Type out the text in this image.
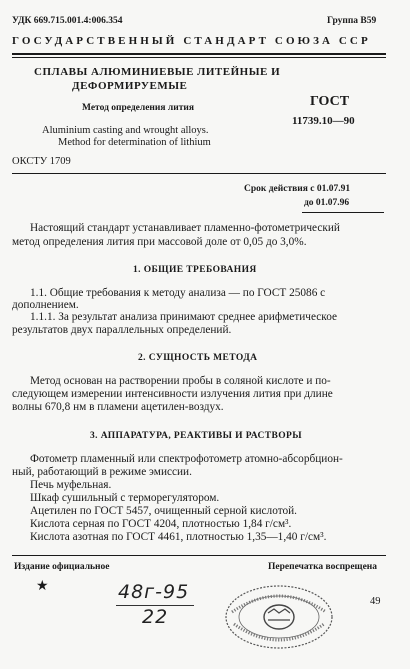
УДК 669.715.001.4:006.354	Группа В59
ГОСУДАРСТВЕННЫЙ СТАНДАРТ СОЮЗА ССР
СПЛАВЫ АЛЮМИНИЕВЫЕ ЛИТЕЙНЫЕ И
ДЕФОРМИРУЕМЫЕ
Метод определения лития
Aluminium casting and wrought alloys.
Method for determination of lithium
ГОСТ
11739.10—90
ОКСТУ 1709
Срок действия с 01.07.91
до 01.07.96
Настоящий стандарт устанавливает пламенно-фотометрический
метод определения лития при массовой доле от 0,05 до 3,0%.
1. ОБЩИЕ ТРЕБОВАНИЯ
1.1. Общие требования к методу анализа — по ГОСТ 25086 с
дополнением.
1.1.1. За результат анализа принимают среднее арифметическое
результатов двух параллельных определений.
2. СУЩНОСТЬ МЕТОДА
Метод основан на растворении пробы в соляной кислоте и по-
следующем измерении интенсивности излучения лития при длине
волны 670,8 нм в пламени ацетилен-воздух.
3. АППАРАТУРА, РЕАКТИВЫ И РАСТВОРЫ
Фотометр пламенный или спектрофотометр атомно-абсорбцион-
ный, работающий в режиме эмиссии.
Печь муфельная.
Шкаф сушильный с терморегулятором.
Ацетилен по ГОСТ 5457, очищенный серной кислотой.
Кислота серная по ГОСТ 4204, плотностью 1,84 г/см³.
Кислота азотная по ГОСТ 4461, плотностью 1,35—1,40 г/см³.
Издание официальное	Перепечатка воспрещена
★	48г-95
22
49
